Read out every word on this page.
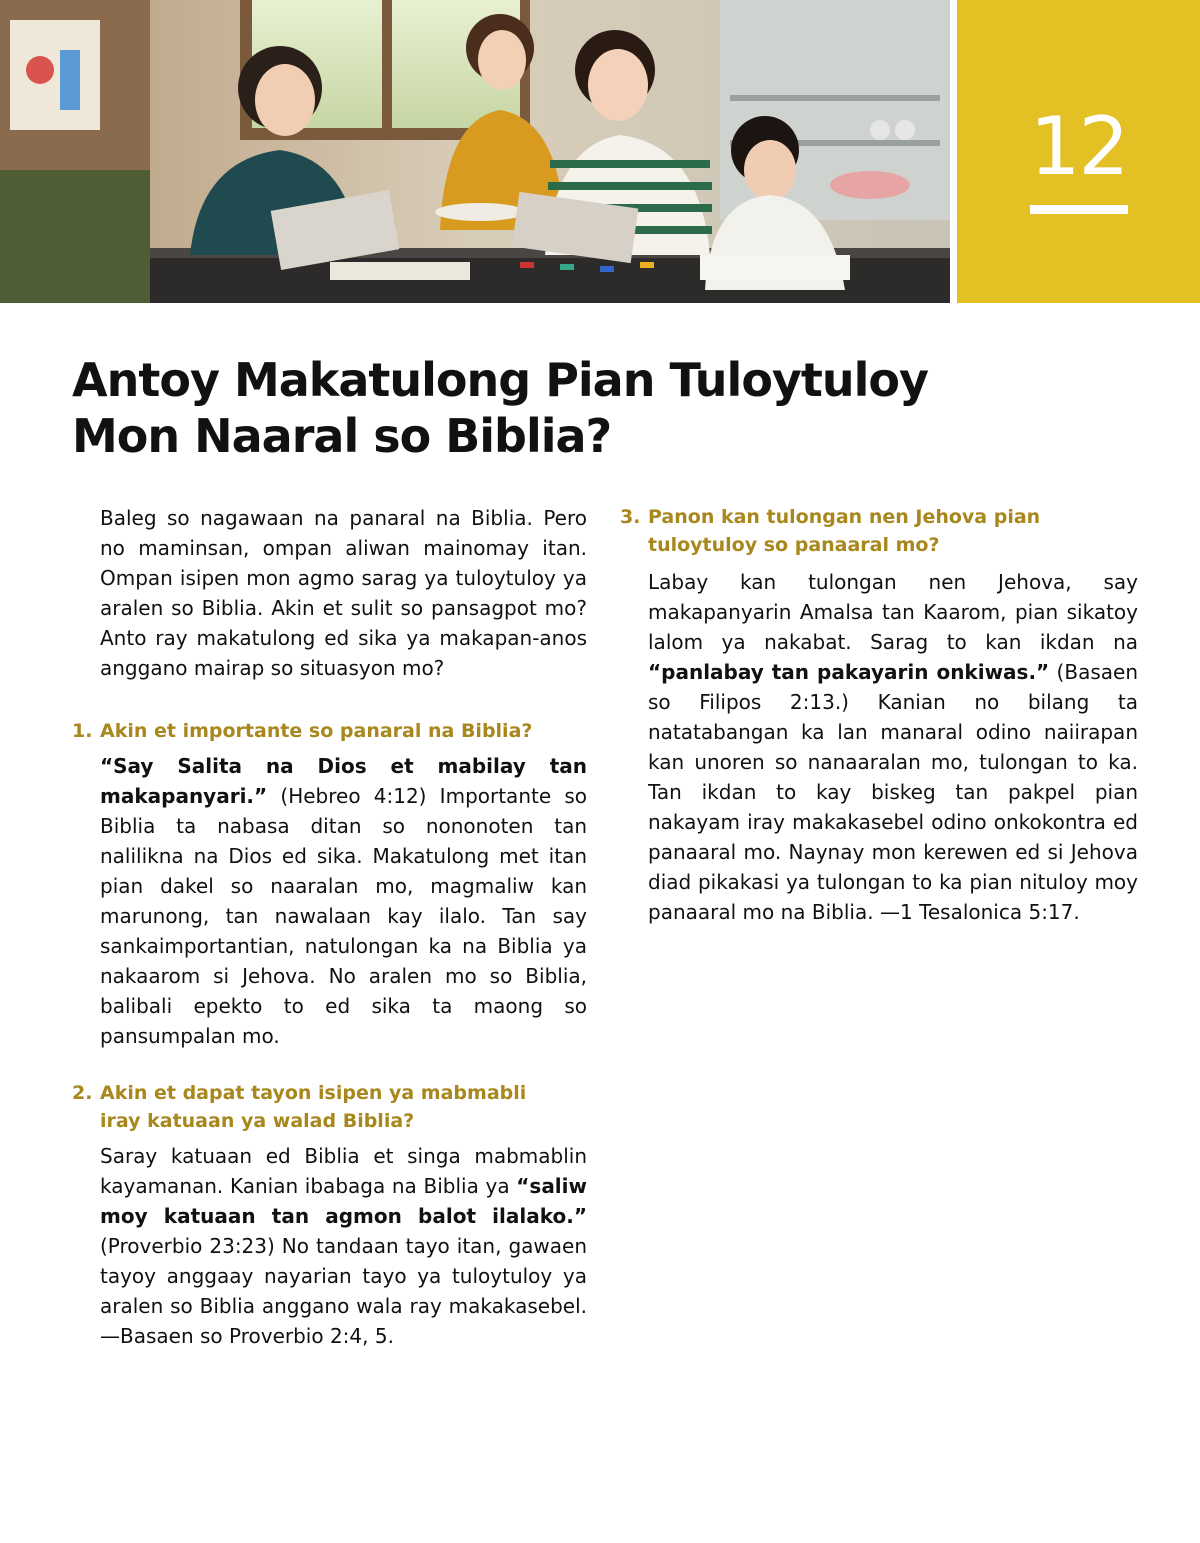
12
Antoy Makatulong Pian Tuloytuloy
Mon Naaral so Biblia?

Baleg so nagawaan na panaral na Biblia. Pero no maminsan, ompan aliwan mainomay itan. Ompan isipen mon agmo sarag ya tuloytuloy ya aralen so Biblia. Akin et sulit so pansagpot mo? Anto ray makatulong ed sika ya makapan-anos anggano mairap so situasyon mo?

1. Akin et importante so panaral na Biblia?

“Say Salita na Dios et mabilay tan makapanyari.” (Hebreo 4:12) Importante so Biblia ta nabasa ditan so nononoten tan nalilikna na Dios ed sika. Makatulong met itan pian dakel so naaralan mo, magmaliw kan marunong, tan nawalaan kay ilalo. Tan say sankaimportantian, natulongan ka na Biblia ya nakaarom si Jehova. No aralen mo so Biblia, balibali epekto to ed sika ta maong so pansumpalan mo.

2. Akin et dapat tayon isipen ya mabmabli
iray katuaan ya walad Biblia?

Saray katuaan ed Biblia et singa mabmablin kayamanan. Kanian ibabaga na Biblia ya “saliw moy katuaan tan agmon balot ilalako.” (Proverbio 23:23) No tandaan tayo itan, gawaen tayoy anggaay nayarian tayo ya tuloytuloy ya aralen so Biblia anggano wala ray makakasebel. —Basaen so Proverbio 2:4, 5.

3. Panon kan tulongan nen Jehova pian
tuloytuloy so panaaral mo?

Labay kan tulongan nen Jehova, say makapanyarin Amalsa tan Kaarom, pian sikatoy lalom ya nakabat. Sarag to kan ikdan na “panlabay tan pakayarin onkiwas.” (Basaen so Filipos 2:13.) Kanian no bilang ta natatabangan ka lan manaral odino naiirapan kan unoren so nanaaralan mo, tulongan to ka. Tan ikdan to kay biskeg tan pakpel pian nakayam iray makakasebel odino onkokontra ed panaaral mo. Naynay mon kerewen ed si Jehova diad pikakasi ya tulongan to ka pian nituloy moy panaaral mo na Biblia. —1 Tesalonica 5:17.
